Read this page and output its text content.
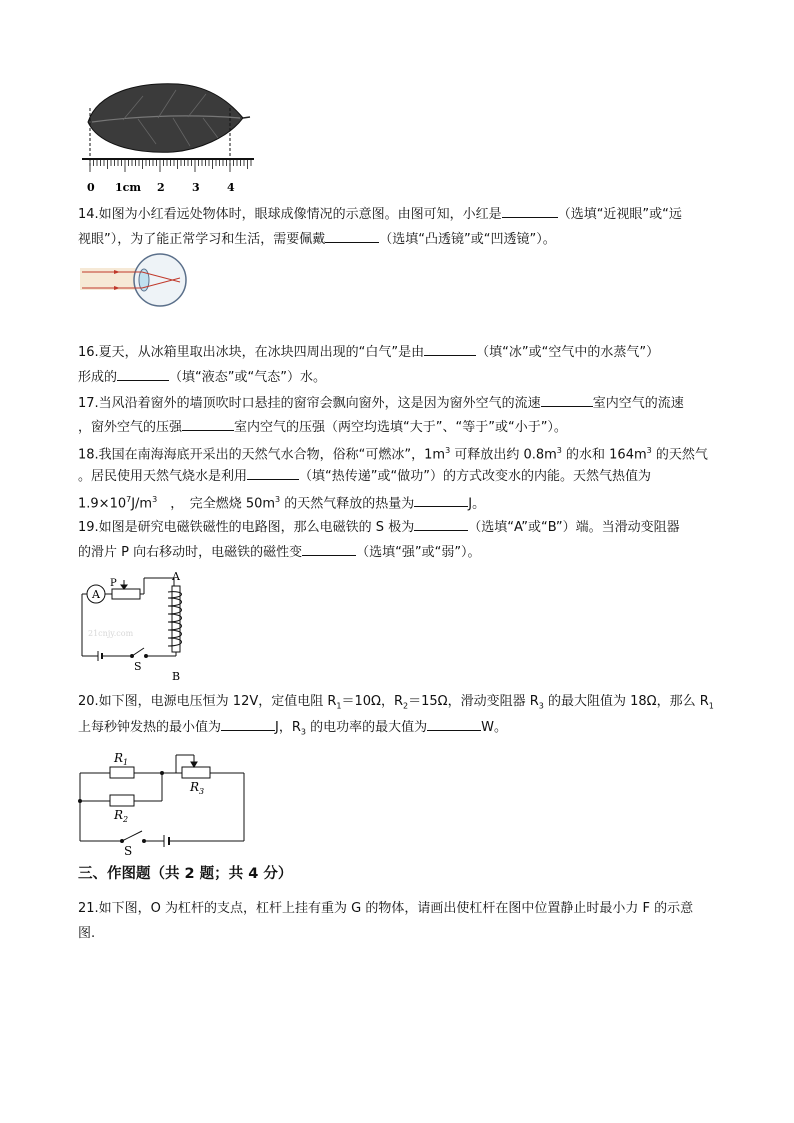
0 1cm 2 3 4
14.如图为小红看远处物体时，眼球成像情况的示意图。由图可知，小红是	（选填“近视眼”或“远
视眼”），为了能正常学习和生活，需要佩戴	（选填“凸透镜”或“凹透镜”）。
16.夏天，从冰箱里取出冰块，在冰块四周出现的“白气”是由	（填“冰”或“空气中的水蒸气”）
形成的	（填“液态”或“气态”）水。
17.当风沿着窗外的墙顶吹时口悬挂的窗帘会飘向窗外，这是因为窗外空气的流速	室内空气的流速
，窗外空气的压强	室内空气的压强（两空均选填“大于”、“等于”或“小于”）。
18.我国在南海海底开采出的天然气水合物，俗称“可燃冰”，$1m^3$ 可释放出约 $0.8m^3$ 的水和 $164m^3$ 的天然气
。居民使用天然气烧水是利用	（填“热传递”或“做功”）的方式改变水的内能。天然气热值为
$1.9\times 10^7J/m^3$　，　完全燃烧 $50m^3$ 的天然气释放的热量为	J。
19.如图是研究电磁铁磁性的电路图，那么电磁铁的 S 极为	（选填“A”或“B”）端。当滑动变阻器
的滑片 P 向右移动时，电磁铁的磁性变	（选填“强”或“弱”）。
A
P
A
B
S
21cnjy.com
20.如下图，电源电压恒为 12V，定值电阻 $R_1=10\Omega$，$R_2=15\Omega$，滑动变阻器 $R_3$ 的最大阻值为 18Ω，那么 $R_1$
上每秒钟发热的最小值为	J，$R_3$ 的电功率的最大值为	W。
$R_1$
$R_2$
$R_3$
S
三、作图题（共 2 题；共 4 分）
21.如下图，O 为杠杆的支点，杠杆上挂有重为 G 的物体，请画出使杠杆在图中位置静止时最小力 F 的示意
图.
